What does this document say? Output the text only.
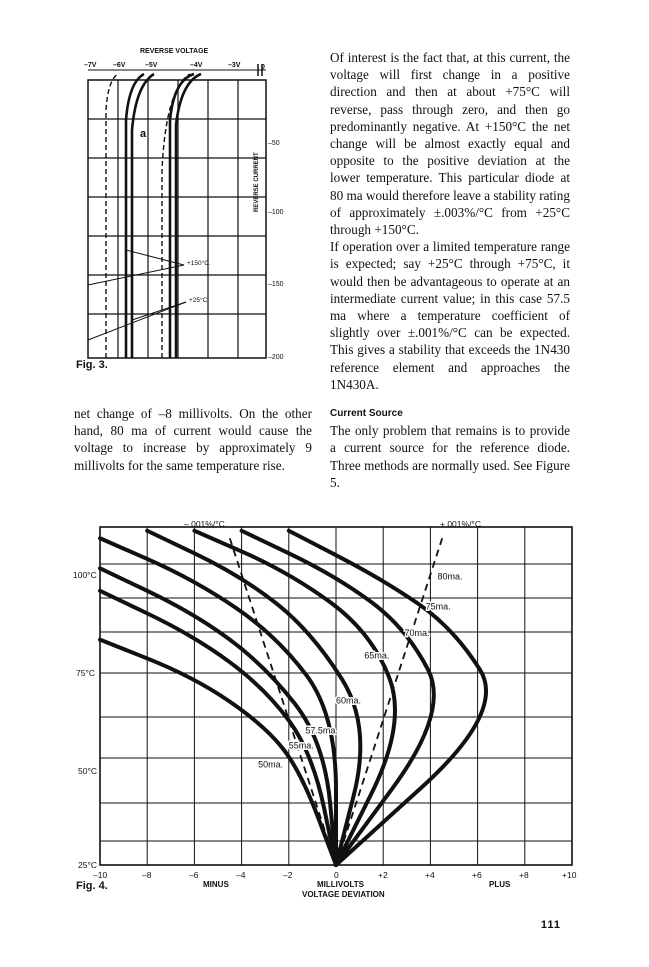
REVERSE VOLTAGE
–7V –6V	–5V	–4V	–3V	0
–50
–100
–150
–200
REVERSE CURRENT
a
+150°C.
+25°C
Fig. 3.

Of interest is the fact that, at this current, the voltage will first change in a positive direction and then at about +75°C will reverse, pass through zero, and then go predominantly negative. At +150°C the net change will be almost exactly equal and opposite to the positive deviation at the lower temperature. This particular diode at 80 ma would therefore leave a stability rating of approximately ±.003%/°C from +25°C through +150°C.

If operation over a limited temperature range is expected; say +25°C through +75°C, it would then be advantageous to operate at an intermediate current value; in this case 57.5 ma where a temperature coefficient of slightly over ±.001%/°C can be expected. This gives a stability that exceeds the 1N430 reference element and approaches the 1N430A.

net change of –8 millivolts. On the other hand, 80 ma of current would cause the voltage to increase by approximately 9 millivolts for the same temperature rise.

Current Source

The only problem that remains is to provide a current source for the reference diode. Three methods are normally used. See Figure 5.

50ma.
55ma.
57.5ma.
60ma.
65ma.
70ma.
75ma.
80ma.
–.001%/°C.	+.001%/°C.
100°C
75°C
50°C
25°C
–10	–8	–6	–4	–2	0	+2	+4	+6	+8	+10
MINUS	PLUS
MILLIVOLTS
VOLTAGE DEVIATION
Fig. 4.
111
